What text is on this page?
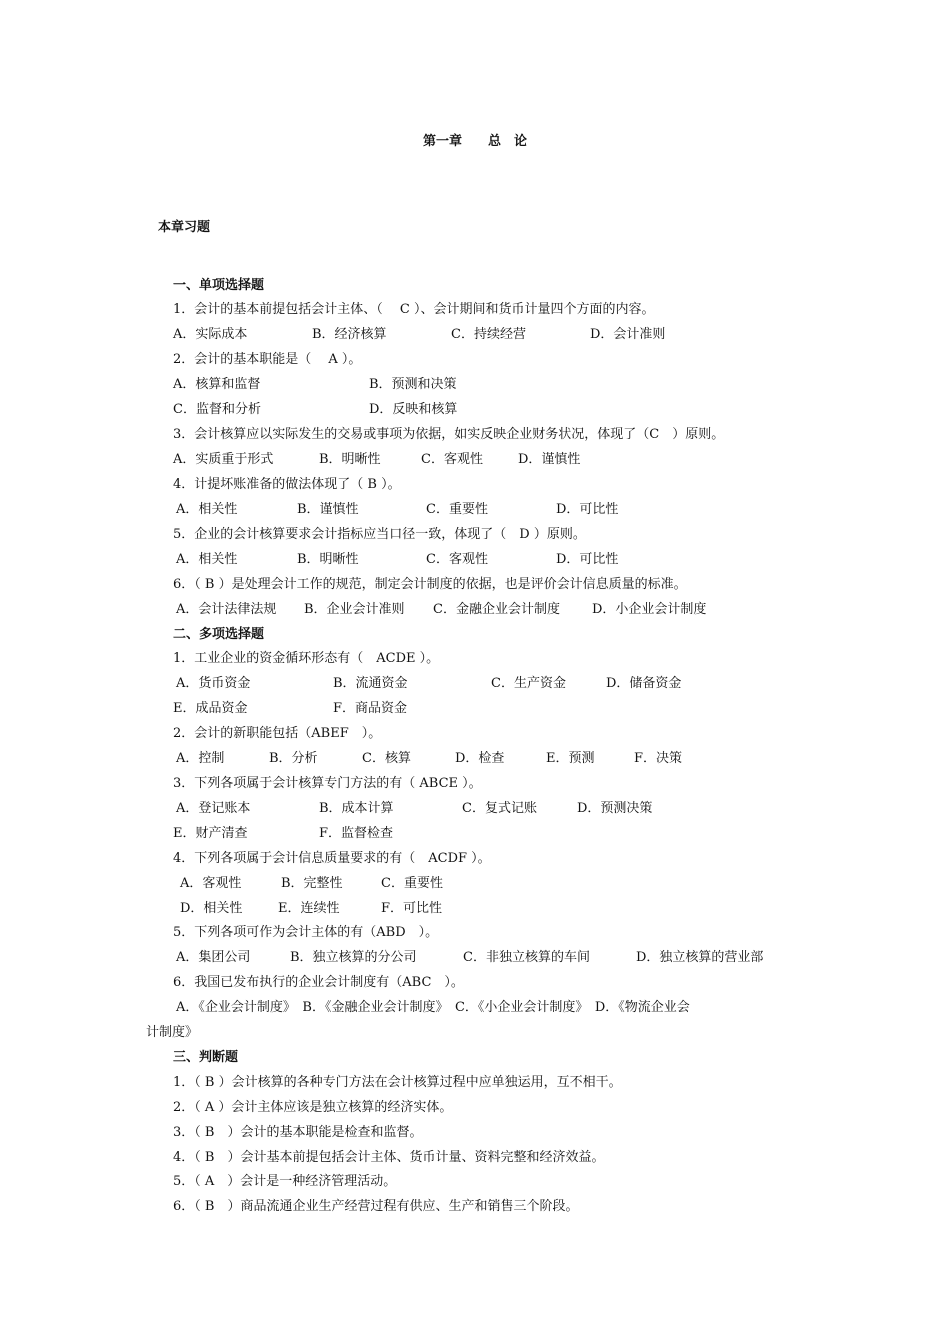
第一章　　总　论
本章习题
一、单项选择题
1．会计的基本前提包括会计主体、（　 C ）、会计期间和货币计量四个方面的内容。
A．实际成本	B．经济核算	C．持续经营	D．会计准则
2．会计的基本职能是（　 A ）。
A．核算和监督	B．预测和决策
C．监督和分析	D．反映和核算
3．会计核算应以实际发生的交易或事项为依据，如实反映企业财务状况，体现了（C　）原则。
A．实质重于形式	B．明晰性	C．客观性	D．谨慎性
4．计提坏账准备的做法体现了（ B ）。
A．相关性	B．谨慎性	C．重要性	D．可比性
5．企业的会计核算要求会计指标应当口径一致，体现了（　D ）原则。
A．相关性	B．明晰性	C．客观性	D．可比性
6．（ B ）是处理会计工作的规范，制定会计制度的依据，也是评价会计信息质量的标准。
A．会计法律法规 B．企业会计准则 C．金融企业会计制度 D．小企业会计制度
二、多项选择题
1．工业企业的资金循环形态有（　ACDE ）。
A．货币资金	B．流通资金	C．生产资金	D．储备资金
E．成品资金	F．商品资金
2．会计的新职能包括（ABEF　）。
A．控制	B．分析	C．核算	D．检查	E．预测	F．决策
3．下列各项属于会计核算专门方法的有（ ABCE ）。
A．登记账本	B．成本计算	C．复式记账	D．预测决策
E．财产清查	F．监督检查
4．下列各项属于会计信息质量要求的有（　ACDF ）。
A．客观性	B．完整性	C．重要性
D．相关性	E．连续性	F．可比性
5．下列各项可作为会计主体的有（ABD　）。
A．集团公司	B．独立核算的分公司	C．非独立核算的车间	D．独立核算的营业部
6．我国已发布执行的企业会计制度有（ABC　）。
A．《企业会计制度》　B．《金融企业会计制度》　C．《小企业会计制度》　D．《物流企业会
计制度》
三、判断题
1．（ B ）会计核算的各种专门方法在会计核算过程中应单独运用，互不相干。
2．（ A ）会计主体应该是独立核算的经济实体。
3．（ B　）会计的基本职能是检查和监督。
4．（ B　）会计基本前提包括会计主体、货币计量、资料完整和经济效益。
5．（ A　）会计是一种经济管理活动。
6．（ B　）商品流通企业生产经营过程有供应、生产和销售三个阶段。
